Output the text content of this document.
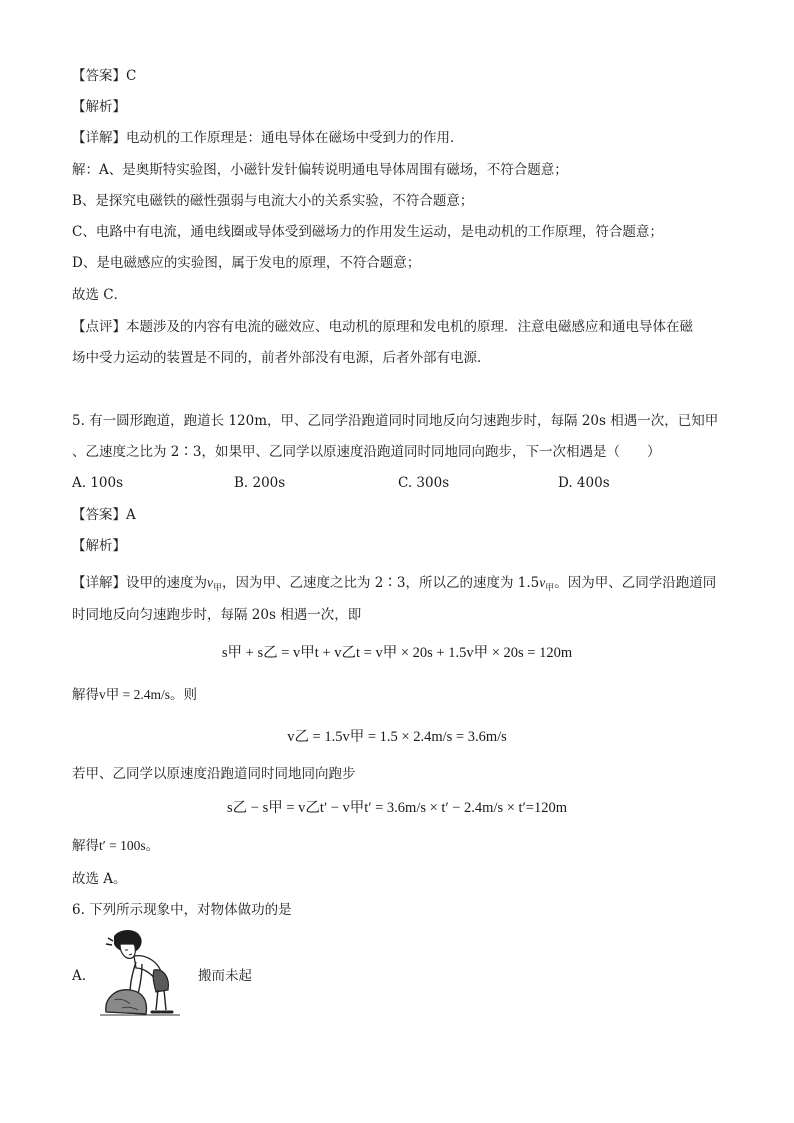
【答案】C
【解析】
【详解】电动机的工作原理是：通电导体在磁场中受到力的作用．
解：A、是奥斯特实验图，小磁针发针偏转说明通电导体周围有磁场，不符合题意；
B、是探究电磁铁的磁性强弱与电流大小的关系实验，不符合题意；
C、电路中有电流，通电线圈或导体受到磁场力的作用发生运动，是电动机的工作原理，符合题意；
D、是电磁感应的实验图，属于发电的原理，不符合题意；
故选 C．
【点评】本题涉及的内容有电流的磁效应、电动机的原理和发电机的原理．注意电磁感应和通电导体在磁
场中受力运动的装置是不同的，前者外部没有电源，后者外部有电源．
5. 有一圆形跑道，跑道长 120m，甲、乙同学沿跑道同时同地反向匀速跑步时，每隔 20s 相遇一次，已知甲
、乙速度之比为 2∶3，如果甲、乙同学以原速度沿跑道同时同地同向跑步，下一次相遇是（　　）
A. 100s	B. 200s	C. 300s	D. 400s
【答案】A
【解析】
【详解】设甲的速度为$v_甲$，因为甲、乙速度之比为 2∶3，所以乙的速度为 $1.5v_甲$。因为甲、乙同学沿跑道同
时同地反向匀速跑步时，每隔 20s 相遇一次，即
s甲 + s乙 = v甲t + v乙t = v甲 × 20s + 1.5v甲 × 20s = 120m
解得v甲 = 2.4m/s。则
v乙 = 1.5v甲 = 1.5 × 2.4m/s = 3.6m/s
若甲、乙同学以原速度沿跑道同时同地同向跑步
s乙 − s甲 = v乙t′ − v甲t′ = 3.6m/s × t′ − 2.4m/s × t′=120m
解得t′ = 100s。
故选 A。
6. 下列所示现象中，对物体做功的是
A.	搬而未起
